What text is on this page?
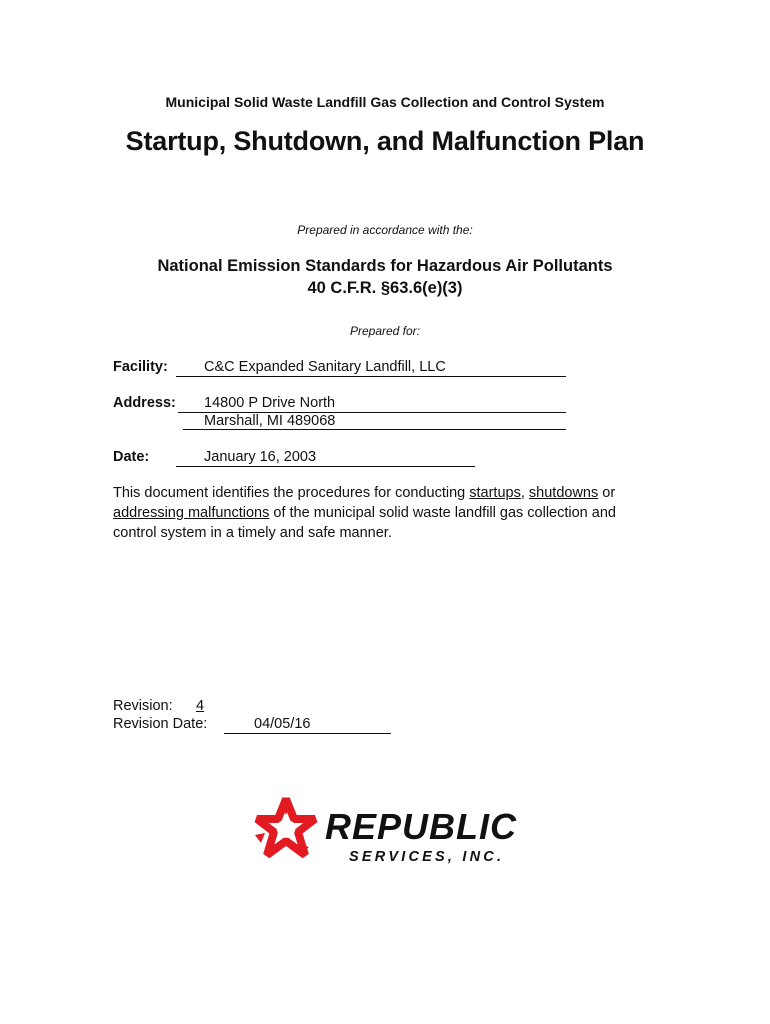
Municipal Solid Waste Landfill Gas Collection and Control System
Startup, Shutdown, and Malfunction Plan
Prepared in accordance with the:
National Emission Standards for Hazardous Air Pollutants
40 C.F.R. §63.6(e)(3)
Prepared for:
Facility: C&C Expanded Sanitary Landfill, LLC
Address: 14800 P Drive North
Marshall, MI 489068
Date:	January 16, 2003
This document identifies the procedures for conducting startups, shutdowns or addressing malfunctions of the municipal solid waste landfill gas collection and control system in a timely and safe manner.
Revision: 4
Revision Date:	04/05/16
REPUBLIC
SERVICES, INC.
